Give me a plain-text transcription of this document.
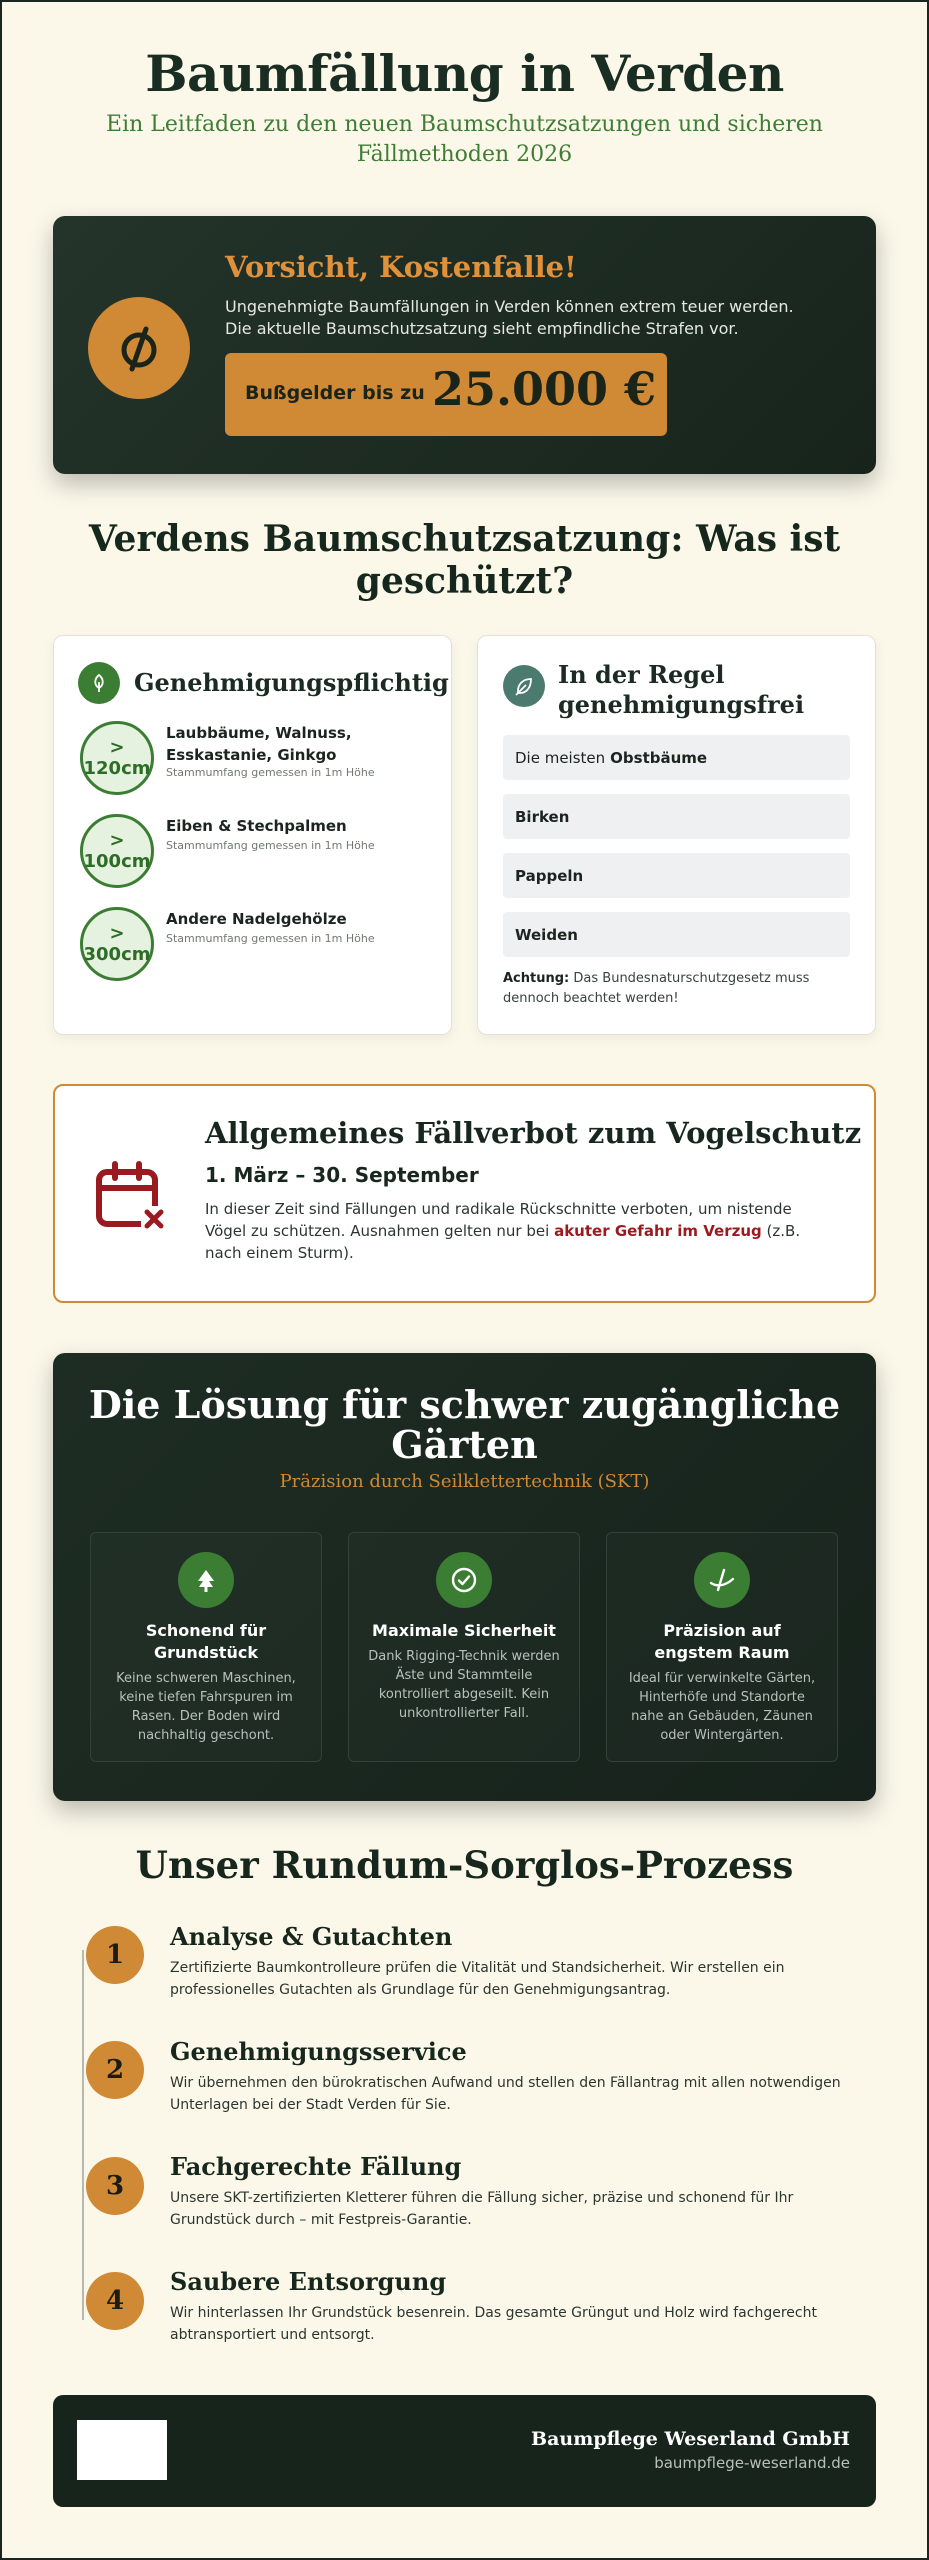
Baumfällung in Verden
Ein Leitfaden zu den neuen Baumschutzsatzungen und sicheren Fällmethoden 2026
Vorsicht, Kostenfalle!
Ungenehmigte Baumfällungen in Verden können extrem teuer werden. Die aktuelle Baumschutzsatzung sieht empfindliche Strafen vor.
Bußgelder bis zu 25.000 €
Verdens Baumschutzsatzung: Was ist geschützt?
Genehmigungspflichtig
>
120cm
Laubbäume, Walnuss, Esskastanie, Ginkgo
Stammumfang gemessen in 1m Höhe
>
100cm
Eiben & Stechpalmen
Stammumfang gemessen in 1m Höhe
>
300cm
Andere Nadelgehölze
Stammumfang gemessen in 1m Höhe
In der Regel genehmigungsfrei
Die meisten Obstbäume
Birken
Pappeln
Weiden
Achtung: Das Bundesnaturschutzgesetz muss dennoch beachtet werden!
Allgemeines Fällverbot zum Vogelschutz
1. März – 30. September
In dieser Zeit sind Fällungen und radikale Rückschnitte verboten, um nistende Vögel zu schützen. Ausnahmen gelten nur bei akuter Gefahr im Verzug (z.B. nach einem Sturm).
Die Lösung für schwer zugängliche Gärten
Präzision durch Seilklettertechnik (SKT)
Schonend für Grundstück
Keine schweren Maschinen, keine tiefen Fahrspuren im Rasen. Der Boden wird nachhaltig geschont.
Maximale Sicherheit
Dank Rigging-Technik werden Äste und Stammteile kontrolliert abgeseilt. Kein unkontrollierter Fall.
Präzision auf engstem Raum
Ideal für verwinkelte Gärten, Hinterhöfe und Standorte nahe an Gebäuden, Zäunen oder Wintergärten.
Unser Rundum-Sorglos-Prozess
1
Analyse & Gutachten
Zertifizierte Baumkontrolleure prüfen die Vitalität und Standsicherheit. Wir erstellen ein professionelles Gutachten als Grundlage für den Genehmigungsantrag.
2
Genehmigungsservice
Wir übernehmen den bürokratischen Aufwand und stellen den Fällantrag mit allen notwendigen Unterlagen bei der Stadt Verden für Sie.
3
Fachgerechte Fällung
Unsere SKT-zertifizierten Kletterer führen die Fällung sicher, präzise und schonend für Ihr Grundstück durch – mit Festpreis-Garantie.
4
Saubere Entsorgung
Wir hinterlassen Ihr Grundstück besenrein. Das gesamte Grüngut und Holz wird fachgerecht abtransportiert und entsorgt.
Baumpflege Weserland GmbH
baumpflege-weserland.de
